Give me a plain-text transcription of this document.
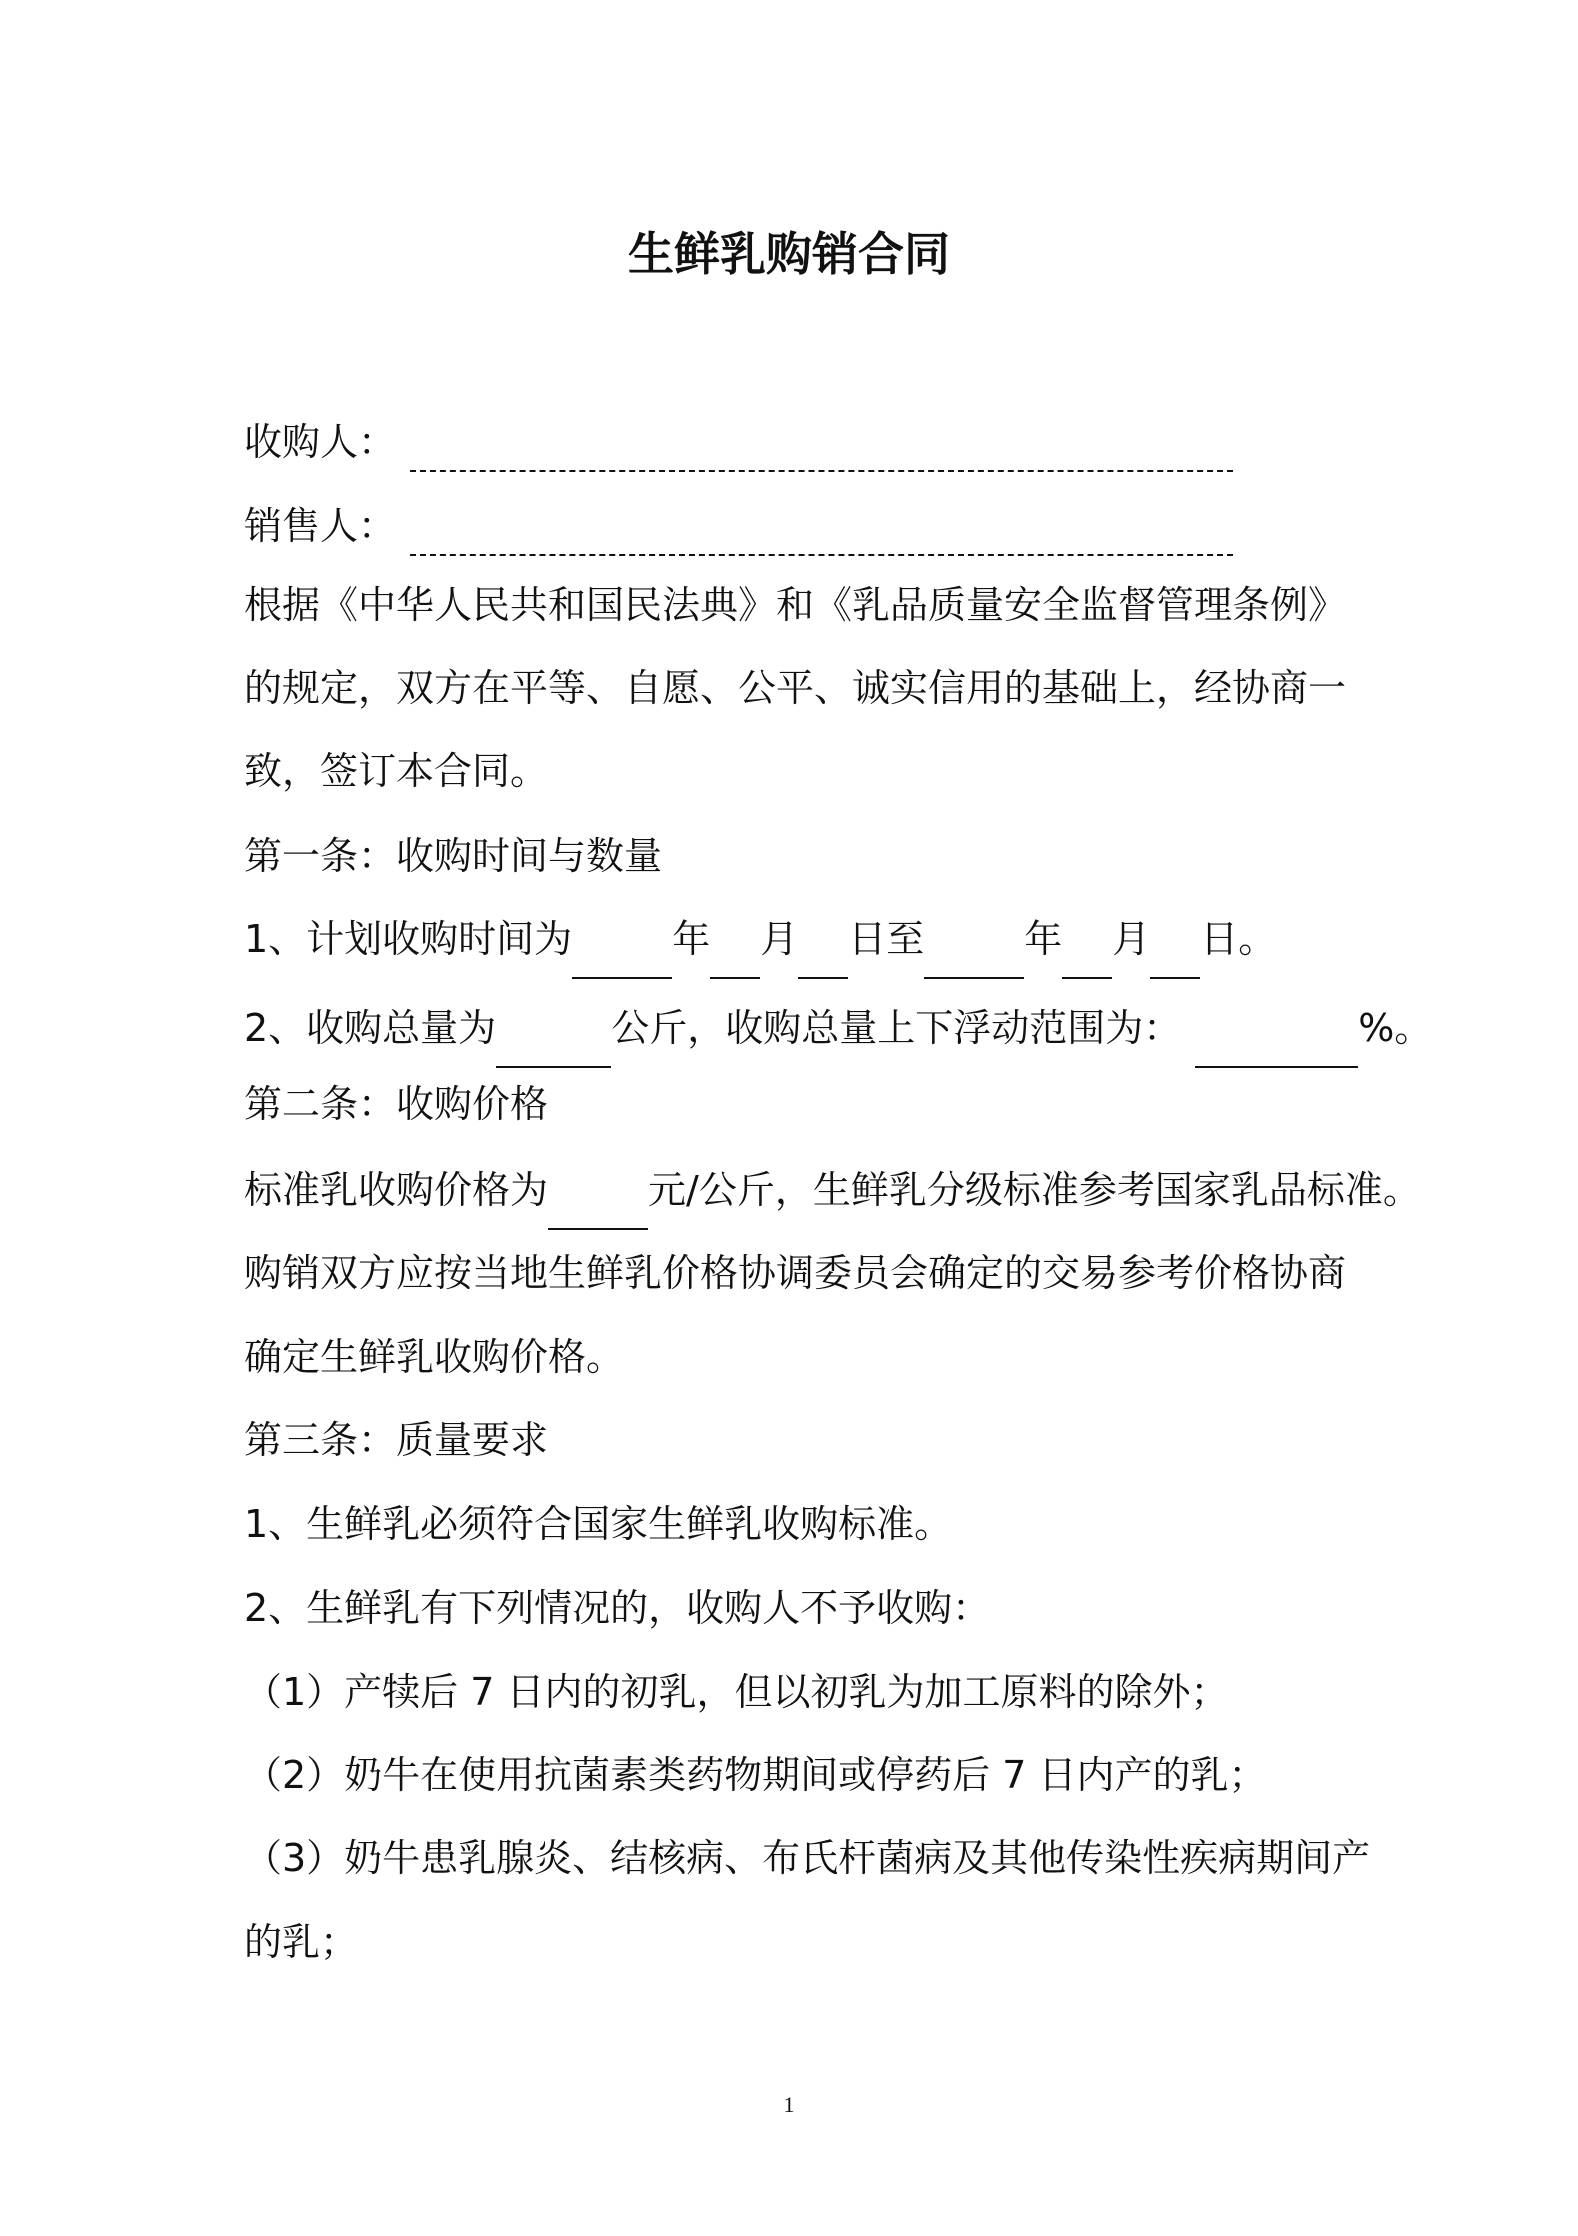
生鲜乳购销合同
收购人：
销售人：
根据《中华人民共和国民法典》和《乳品质量安全监督管理条例》
的规定，双方在平等、自愿、公平、诚实信用的基础上，经协商一
致，签订本合同。
第一条：收购时间与数量
1、计划收购时间为	年 月 日至	年 月 日。
2、收购总量为	公斤，收购总量上下浮动范围为：	%。
第二条：收购价格
标准乳收购价格为	元/公斤，生鲜乳分级标准参考国家乳品标准。
购销双方应按当地生鲜乳价格协调委员会确定的交易参考价格协商
确定生鲜乳收购价格。
第三条：质量要求
1、生鲜乳必须符合国家生鲜乳收购标准。
2、生鲜乳有下列情况的，收购人不予收购：
（1）产犊后 7 日内的初乳，但以初乳为加工原料的除外；
（2）奶牛在使用抗菌素类药物期间或停药后 7 日内产的乳；
（3）奶牛患乳腺炎、结核病、布氏杆菌病及其他传染性疾病期间产
的乳；
1
